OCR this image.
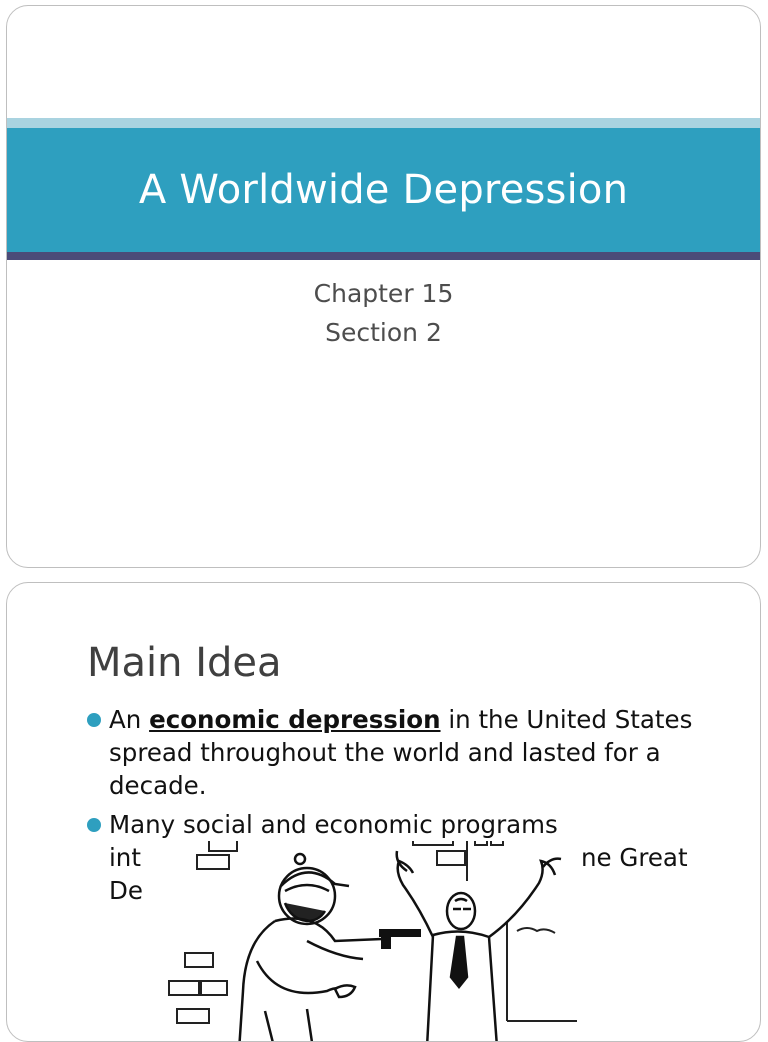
A Worldwide Depression
Chapter 15
Section 2
Main Idea
An economic depression in the United States spread throughout the world and lasted for a decade.
Many social and economic programs
int	ne Great
De
